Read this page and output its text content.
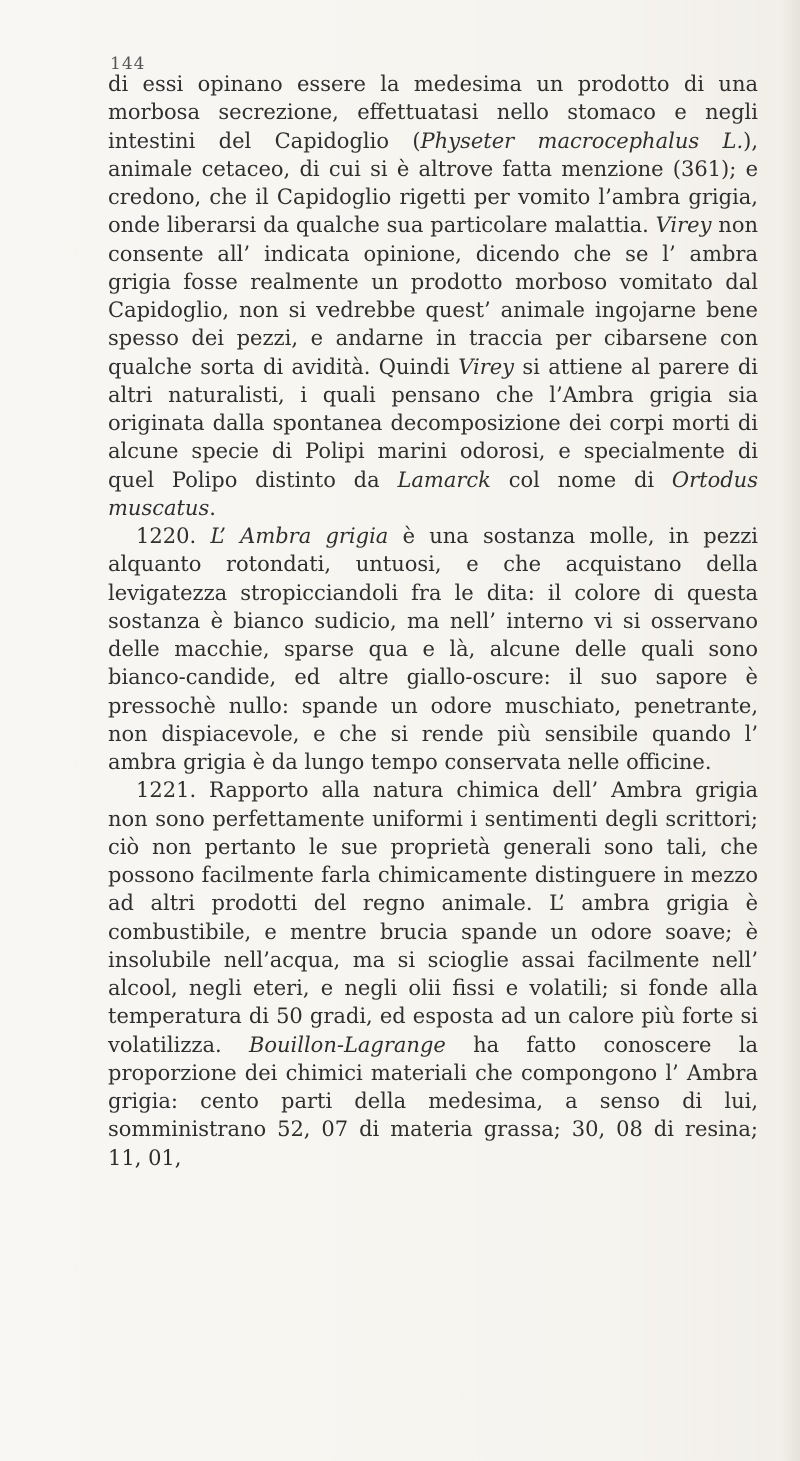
144

di essi opinano essere la medesima un prodotto di una morbosa secrezione, effettuatasi nello stomaco e negli intestini del Capidoglio (Physeter macrocephalus L.), animale cetaceo, di cui si è altrove fatta menzione (361); e credono, che il Capidoglio rigetti per vomito l’ambra grigia, onde liberarsi da qualche sua particolare malattia. Virey non consente all’ indicata opinione, dicendo che se l’ ambra grigia fosse realmente un prodotto morboso vomitato dal Capidoglio, non si vedrebbe quest’ animale ingojarne bene spesso dei pezzi, e andarne in traccia per cibarsene con qualche sorta di avidità. Quindi Virey si attiene al parere di altri naturalisti, i quali pensano che l’Ambra grigia sia originata dalla spontanea decomposizione dei corpi morti di alcune specie di Polipi marini odorosi, e specialmente di quel Polipo distinto da Lamarck col nome di Ortodus muscatus.

1220. L’ Ambra grigia è una sostanza molle, in pezzi alquanto rotondati, untuosi, e che acquistano della levigatezza stropicciandoli fra le dita: il colore di questa sostanza è bianco sudicio, ma nell’ interno vi si osservano delle macchie, sparse qua e là, alcune delle quali sono bianco-candide, ed altre giallo-oscure: il suo sapore è pressochè nullo: spande un odore muschiato, penetrante, non dispiacevole, e che si rende più sensibile quando l’ ambra grigia è da lungo tempo conservata nelle officine.

1221. Rapporto alla natura chimica dell’ Ambra grigia non sono perfettamente uniformi i sentimenti degli scrittori; ciò non pertanto le sue proprietà generali sono tali, che possono facilmente farla chimicamente distinguere in mezzo ad altri prodotti del regno animale. L’ ambra grigia è combustibile, e mentre brucia spande un odore soave; è insolubile nell’acqua, ma si scioglie assai facilmente nell’ alcool, negli eteri, e negli olii fissi e volatili; si fonde alla temperatura di 50 gradi, ed esposta ad un calore più forte si volatilizza. Bouillon-Lagrange ha fatto conoscere la proporzione dei chimici materiali che compongono l’ Ambra grigia: cento parti della medesima, a senso di lui, somministrano 52, 07 di materia grassa; 30, 08 di resina; 11, 01,
